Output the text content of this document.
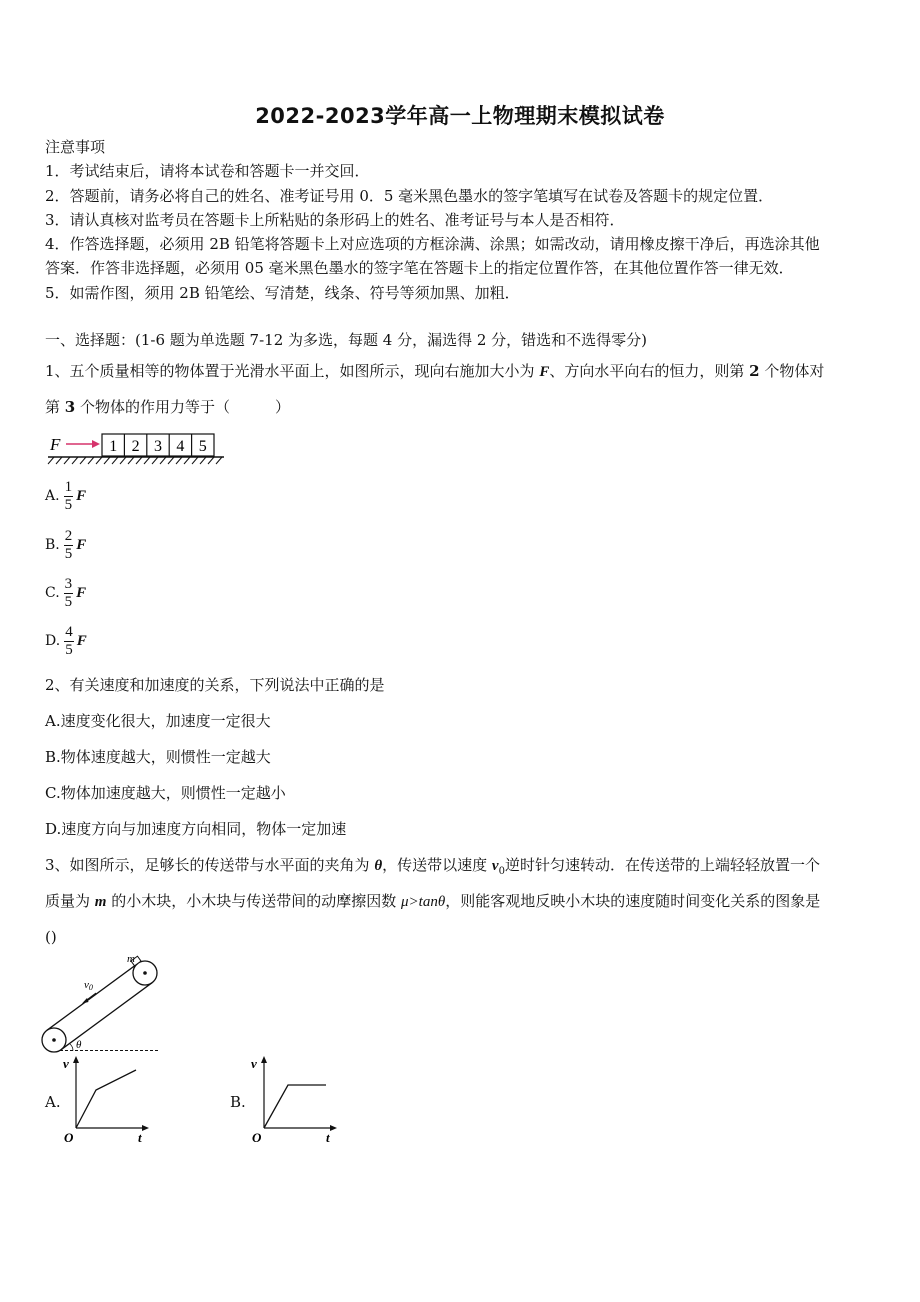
2022-2023学年高一上物理期末模拟试卷
注意事项
1．考试结束后，请将本试卷和答题卡一并交回．
2．答题前，请务必将自己的姓名、准考证号用 0．5 毫米黑色墨水的签字笔填写在试卷及答题卡的规定位置．
3．请认真核对监考员在答题卡上所粘贴的条形码上的姓名、准考证号与本人是否相符．
4．作答选择题，必须用 2B 铅笔将答题卡上对应选项的方框涂满、涂黑；如需改动，请用橡皮擦干净后，再选涂其他
答案．作答非选择题，必须用 05 毫米黑色墨水的签字笔在答题卡上的指定位置作答，在其他位置作答一律无效．
5．如需作图，须用 2B 铅笔绘、写清楚，线条、符号等须加黑、加粗．
一、选择题：(1-6 题为单选题 7-12 为多选，每题 4 分，漏选得 2 分，错选和不选得零分)
1、五个质量相等的物体置于光滑水平面上，如图所示，现向右施加大小为 F、方向水平向右的恒力，则第 2 个物体对
第 3 个物体的作用力等于（　　　）
F	1 2 3 4 5
A. $\frac{1}{5}$ F
B. $\frac{2}{5}$ F
C. $\frac{3}{5}$ F
D. $\frac{4}{5}$ F
2、有关速度和加速度的关系，下列说法中正确的是
A.速度变化很大，加速度一定很大
B.物体速度越大，则惯性一定越大
C.物体加速度越大，则惯性一定越小
D.速度方向与加速度方向相同，物体一定加速
3、如图所示，足够长的传送带与水平面的夹角为 θ，传送带以速度 $v_0$逆时针匀速转动．在传送带的上端轻轻放置一个
质量为 m 的小木块，小木块与传送带间的动摩擦因数 μ>tanθ，则能客观地反映小木块的速度随时间变化关系的图象是
()
m
v0
θ
A.
v
t
O
B.
v
t
O
